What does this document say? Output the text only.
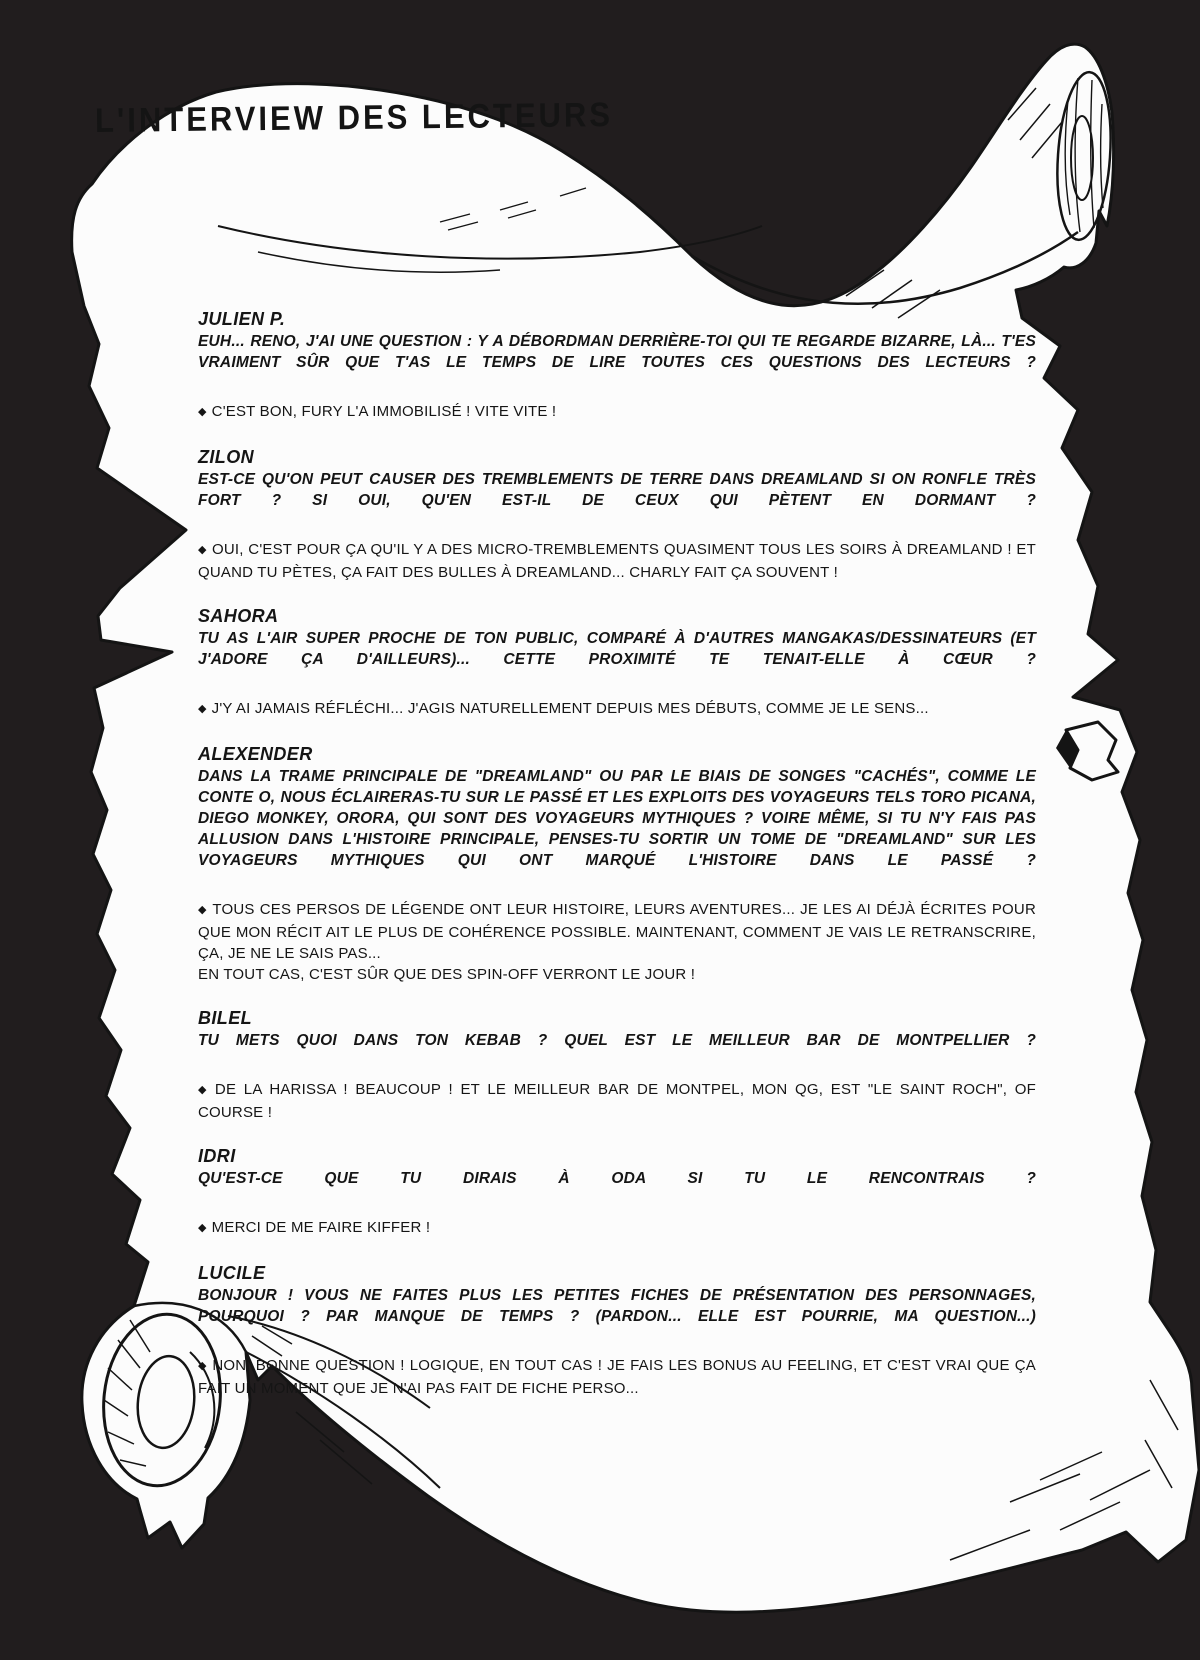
L'INTERVIEW DES LECTEURS
JULIEN P.
EUH... RENO, J'AI UNE QUESTION : Y A DÉBORDMAN DERRIÈRE-TOI QUI TE REGARDE BIZARRE, LÀ... T'ES VRAIMENT SÛR QUE T'AS LE TEMPS DE LIRE TOUTES CES QUESTIONS DES LECTEURS ?
◆ C'EST BON, FURY L'A IMMOBILISÉ ! VITE VITE !
ZILON
EST-CE QU'ON PEUT CAUSER DES TREMBLEMENTS DE TERRE DANS DREAMLAND SI ON RONFLE TRÈS FORT ? SI OUI, QU'EN EST-IL DE CEUX QUI PÈTENT EN DORMANT ?
◆ OUI, C'EST POUR ÇA QU'IL Y A DES MICRO-TREMBLEMENTS QUASIMENT TOUS LES SOIRS À DREAMLAND ! ET QUAND TU PÈTES, ÇA FAIT DES BULLES À DREAMLAND... CHARLY FAIT ÇA SOUVENT !
SAHORA
TU AS L'AIR SUPER PROCHE DE TON PUBLIC, COMPARÉ À D'AUTRES MANGAKAS/DESSINATEURS (ET J'ADORE ÇA D'AILLEURS)... CETTE PROXIMITÉ TE TENAIT-ELLE À CŒUR ?
◆ J'Y AI JAMAIS RÉFLÉCHI... J'AGIS NATURELLEMENT DEPUIS MES DÉBUTS, COMME JE LE SENS...
ALEXENDER
DANS LA TRAME PRINCIPALE DE "DREAMLAND" OU PAR LE BIAIS DE SONGES "CACHÉS", COMME LE CONTE O, NOUS ÉCLAIRERAS-TU SUR LE PASSÉ ET LES EXPLOITS DES VOYAGEURS TELS TORO PICANA, DIEGO MONKEY, ORORA, QUI SONT DES VOYAGEURS MYTHIQUES ? VOIRE MÊME, SI TU N'Y FAIS PAS ALLUSION DANS L'HISTOIRE PRINCIPALE, PENSES-TU SORTIR UN TOME DE "DREAMLAND" SUR LES VOYAGEURS MYTHIQUES QUI ONT MARQUÉ L'HISTOIRE DANS LE PASSÉ ?
◆ TOUS CES PERSOS DE LÉGENDE ONT LEUR HISTOIRE, LEURS AVENTURES... JE LES AI DÉJÀ ÉCRITES POUR QUE MON RÉCIT AIT LE PLUS DE COHÉRENCE POSSIBLE. MAINTENANT, COMMENT JE VAIS LE RETRANSCRIRE, ÇA, JE NE LE SAIS PAS...
EN TOUT CAS, C'EST SÛR QUE DES SPIN-OFF VERRONT LE JOUR !
BILEL
TU METS QUOI DANS TON KEBAB ? QUEL EST LE MEILLEUR BAR DE MONTPELLIER ?
◆ DE LA HARISSA ! BEAUCOUP ! ET LE MEILLEUR BAR DE MONTPEL, MON QG, EST "LE SAINT ROCH", OF COURSE !
IDRI
QU'EST-CE QUE TU DIRAIS À ODA SI TU LE RENCONTRAIS ?
◆ MERCI DE ME FAIRE KIFFER !
LUCILE
BONJOUR ! VOUS NE FAITES PLUS LES PETITES FICHES DE PRÉSENTATION DES PERSONNAGES, POURQUOI ? PAR MANQUE DE TEMPS ? (PARDON... ELLE EST POURRIE, MA QUESTION...)
◆ NON, BONNE QUESTION ! LOGIQUE, EN TOUT CAS ! JE FAIS LES BONUS AU FEELING, ET C'EST VRAI QUE ÇA FAIT UN MOMENT QUE JE N'AI PAS FAIT DE FICHE PERSO...
